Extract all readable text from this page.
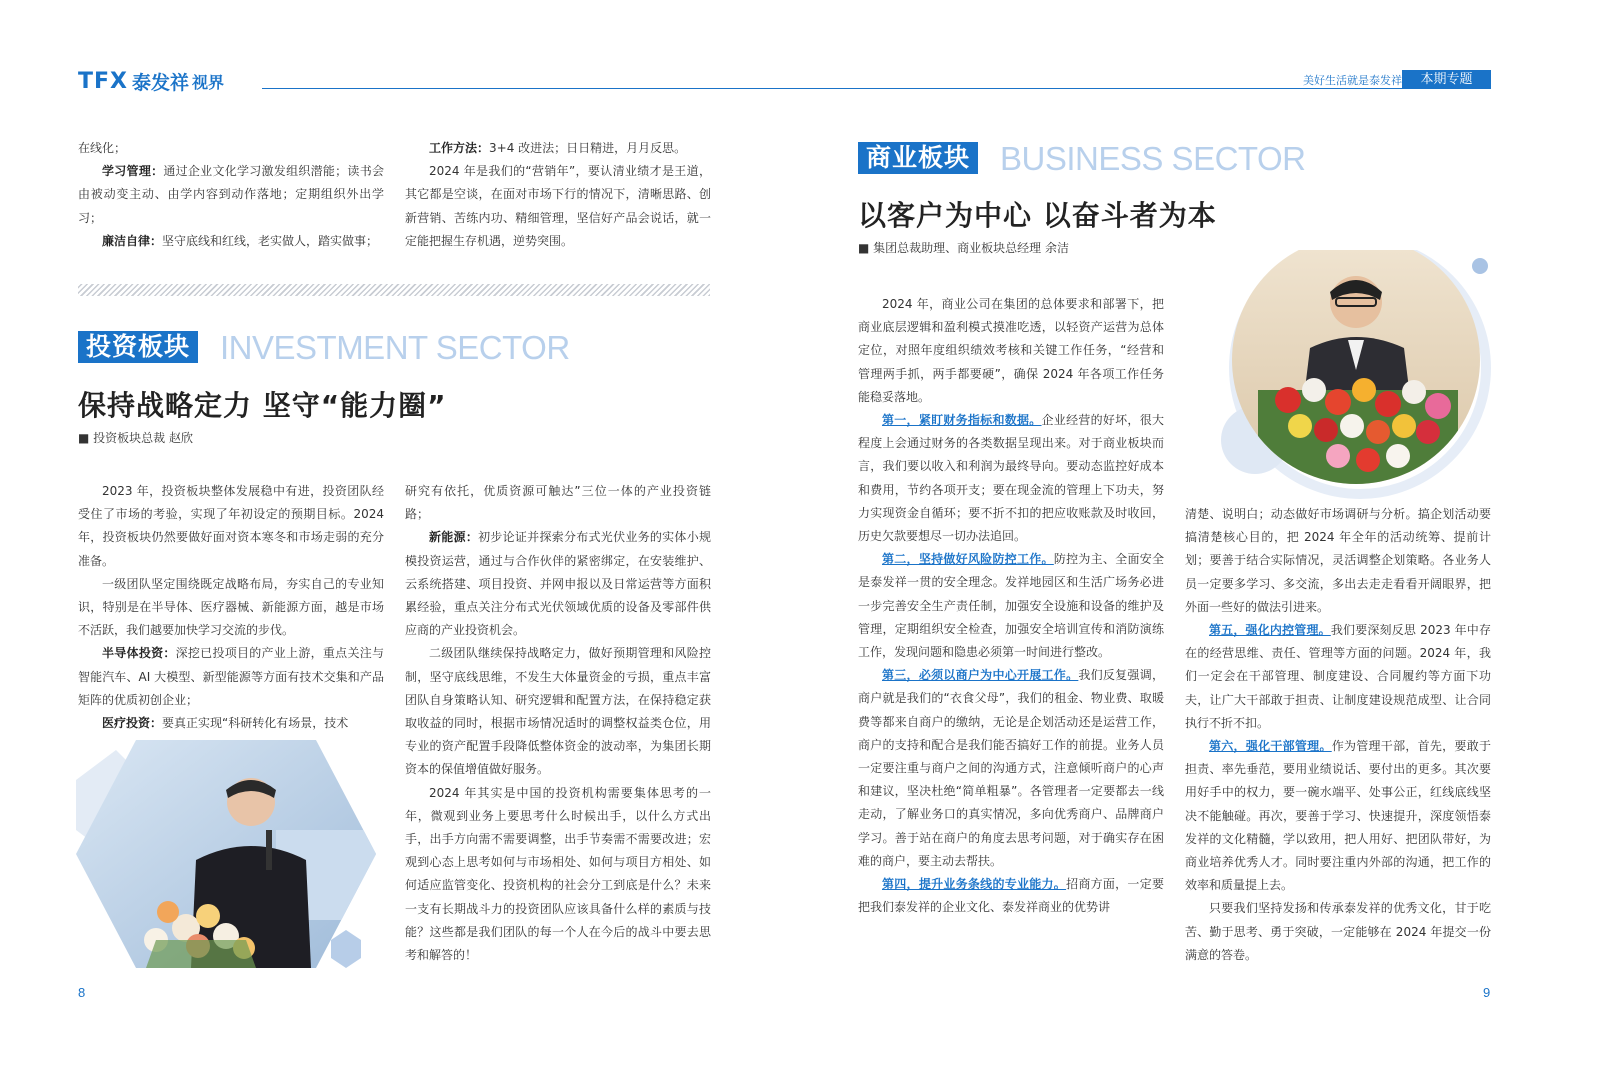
TFX 泰发祥 视界	美好生活就是泰发祥	本期专题

在线化；

学习管理：通过企业文化学习激发组织潜能；读书会由被动变主动、由学内容到动作落地；定期组织外出学习；

廉洁自律：坚守底线和红线，老实做人，踏实做事；

工作方法：3+4 改进法；日日精进，月月反思。

2024 年是我们的“营销年”，要认清业绩才是王道，其它都是空谈，在面对市场下行的情况下，清晰思路、创新营销、苦练内功、精细管理，坚信好产品会说话，就一定能把握生存机遇，逆势突围。

投资板块 INVESTMENT SECTOR
保持战略定力 坚守“能力圈”
■ 投资板块总裁 赵欣

2023 年，投资板块整体发展稳中有进，投资团队经受住了市场的考验，实现了年初设定的预期目标。2024 年，投资板块仍然要做好面对资本寒冬和市场走弱的充分准备。

一级团队坚定围绕既定战略布局，夯实自己的专业知识，特别是在半导体、医疗器械、新能源方面，越是市场不活跃，我们越要加快学习交流的步伐。

半导体投资：深挖已投项目的产业上游，重点关注与智能汽车、AI 大模型、新型能源等方面有技术交集和产品矩阵的优质初创企业；

医疗投资：要真正实现“科研转化有场景，技术

研究有依托，优质资源可触达”三位一体的产业投资链路；

新能源：初步论证并探索分布式光伏业务的实体小规模投资运营，通过与合作伙伴的紧密绑定，在安装维护、云系统搭建、项目投资、并网申报以及日常运营等方面积累经验，重点关注分布式光伏领域优质的设备及零部件供应商的产业投资机会。

二级团队继续保持战略定力，做好预期管理和风险控制，坚守底线思维，不发生大体量资金的亏损，重点丰富团队自身策略认知、研究逻辑和配置方法，在保持稳定获取收益的同时，根据市场情况适时的调整权益类仓位，用专业的资产配置手段降低整体资金的波动率，为集团长期资本的保值增值做好服务。

2024 年其实是中国的投资机构需要集体思考的一年，微观到业务上要思考什么时候出手，以什么方式出手，出手方向需不需要调整，出手节奏需不需要改进；宏观到心态上思考如何与市场相处、如何与项目方相处、如何适应监管变化、投资机构的社会分工到底是什么？未来一支有长期战斗力的投资团队应该具备什么样的素质与技能？这些都是我们团队的每一个人在今后的战斗中要去思考和解答的！

8
商业板块 BUSINESS SECTOR
以客户为中心 以奋斗者为本
■ 集团总裁助理、商业板块总经理 余洁

2024 年，商业公司在集团的总体要求和部署下，把商业底层逻辑和盈利模式摸准吃透，以轻资产运营为总体定位，对照年度组织绩效考核和关键工作任务，“经营和管理两手抓，两手都要硬”，确保 2024 年各项工作任务能稳妥落地。

第一，紧盯财务指标和数据。企业经营的好坏，很大程度上会通过财务的各类数据呈现出来。对于商业板块而言，我们要以收入和利润为最终导向。要动态监控好成本和费用，节约各项开支；要在现金流的管理上下功夫，努力实现资金自循环；要不折不扣的把应收账款及时收回，历史欠款要想尽一切办法追回。

第二，坚持做好风险防控工作。防控为主、全面安全是泰发祥一贯的安全理念。发祥地园区和生活广场务必进一步完善安全生产责任制，加强安全设施和设备的维护及管理，定期组织安全检查，加强安全培训宣传和消防演练工作，发现问题和隐患必须第一时间进行整改。

第三，必须以商户为中心开展工作。我们反复强调，商户就是我们的“衣食父母”，我们的租金、物业费、取暖费等都来自商户的缴纳，无论是企划活动还是运营工作，商户的支持和配合是我们能否搞好工作的前提。业务人员一定要注重与商户之间的沟通方式，注意倾听商户的心声和建议，坚决杜绝“简单粗暴”。各管理者一定要都去一线走动，了解业务口的真实情况，多向优秀商户、品牌商户学习。善于站在商户的角度去思考问题，对于确实存在困难的商户，要主动去帮扶。

第四，提升业务条线的专业能力。招商方面，一定要把我们泰发祥的企业文化、泰发祥商业的优势讲

清楚、说明白；动态做好市场调研与分析。搞企划活动要搞清楚核心目的，把 2024 年全年的活动统筹、提前计划；要善于结合实际情况，灵活调整企划策略。各业务人员一定要多学习、多交流，多出去走走看看开阔眼界，把外面一些好的做法引进来。

第五，强化内控管理。我们要深刻反思 2023 年中存在的经营思维、责任、管理等方面的问题。2024 年，我们一定会在干部管理、制度建设、合同履约等方面下功夫，让广大干部敢于担责、让制度建设规范成型、让合同执行不折不扣。

第六，强化干部管理。作为管理干部，首先，要敢于担责、率先垂范，要用业绩说话、要付出的更多。其次要用好手中的权力，要一碗水端平、处事公正，红线底线坚决不能触碰。再次，要善于学习、快速提升，深度领悟泰发祥的文化精髓，学以致用，把人用好、把团队带好，为商业培养优秀人才。同时要注重内外部的沟通，把工作的效率和质量提上去。

只要我们坚持发扬和传承泰发祥的优秀文化，甘于吃苦、勤于思考、勇于突破，一定能够在 2024 年提交一份满意的答卷。

9
